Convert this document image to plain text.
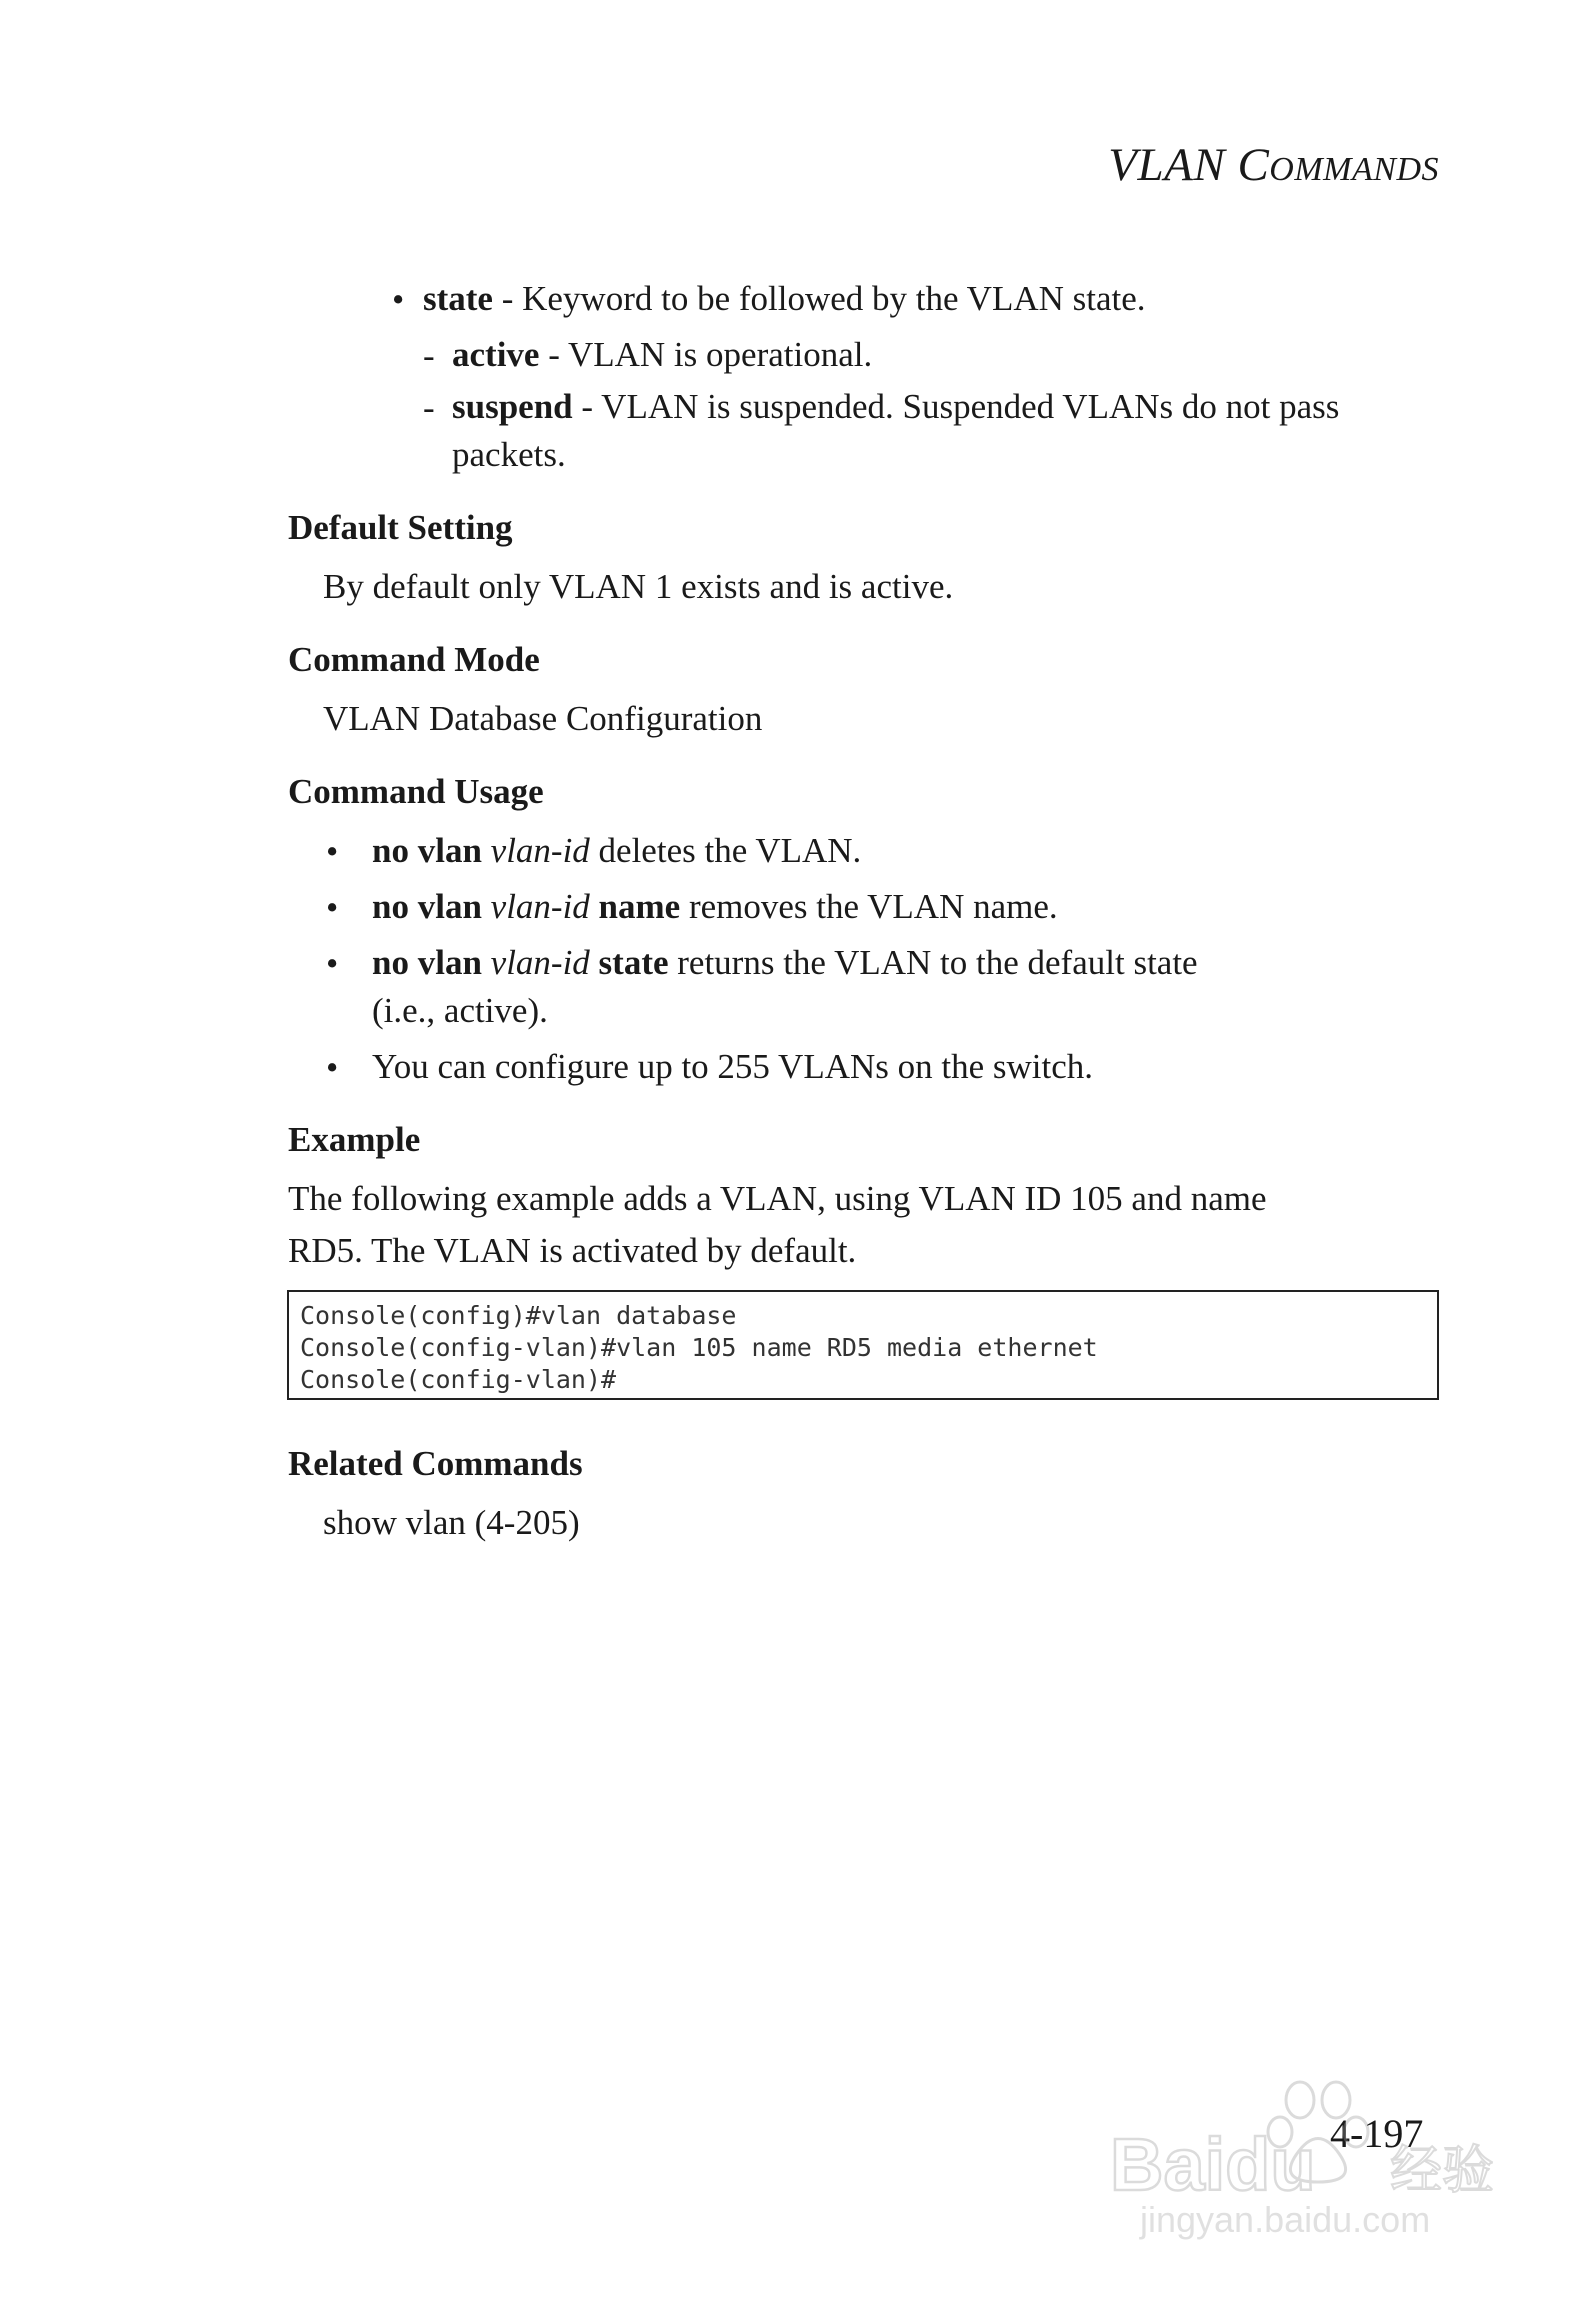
VLAN COMMANDS
• state - Keyword to be followed by the VLAN state.
- active - VLAN is operational.
- suspend - VLAN is suspended. Suspended VLANs do not pass
packets.
Default Setting
By default only VLAN 1 exists and is active.
Command Mode
VLAN Database Configuration
Command Usage
• no vlan vlan-id deletes the VLAN.
• no vlan vlan-id name removes the VLAN name.
• no vlan vlan-id state returns the VLAN to the default state
(i.e., active).
• You can configure up to 255 VLANs on the switch.
Example
The following example adds a VLAN, using VLAN ID 105 and name
RD5. The VLAN is activated by default.
Console(config)#vlan database
Console(config-vlan)#vlan 105 name RD5 media ethernet
Console(config-vlan)#
Related Commands
show vlan (4-205)
4-197
Baidu 经验
jingyan.baidu.com
